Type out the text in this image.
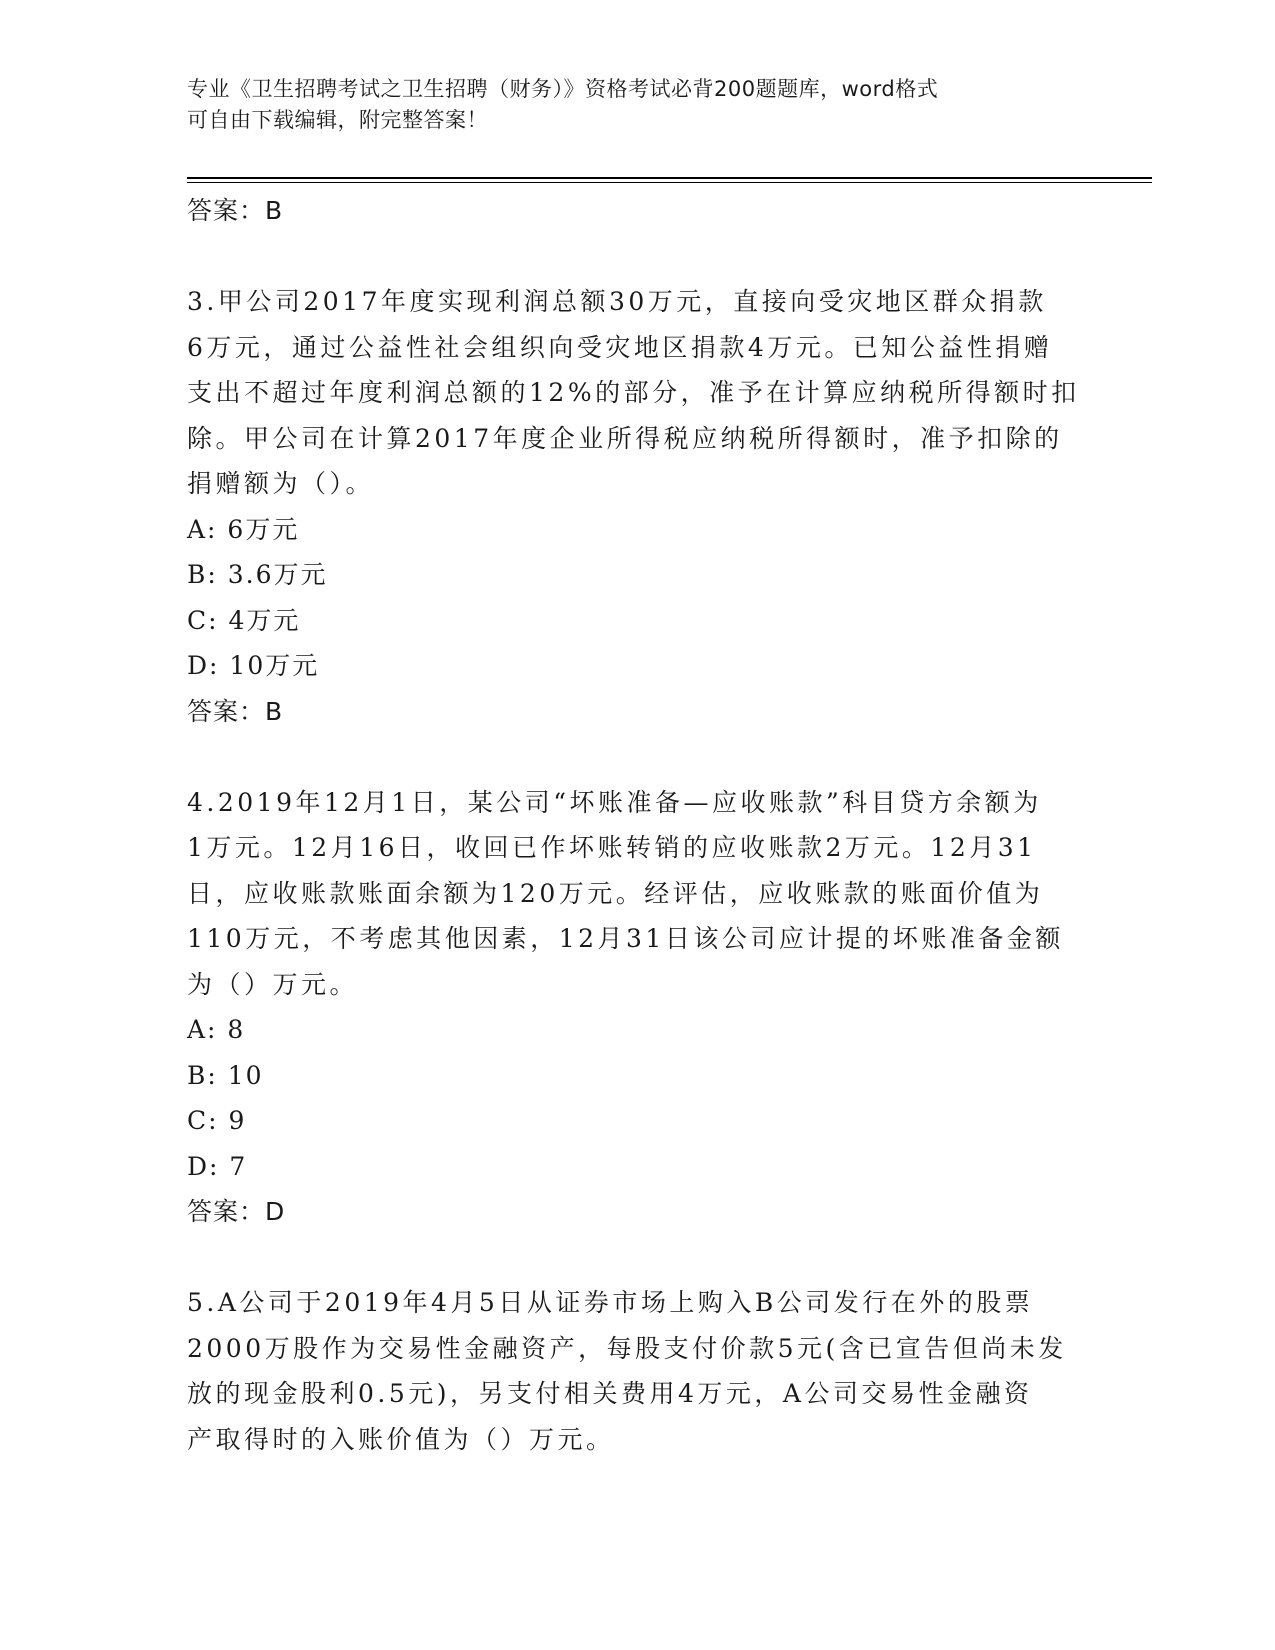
专业《卫生招聘考试之卫生招聘（财务）》资格考试必背200题题库，word格式
可自由下载编辑，附完整答案！

答案：B

3.甲公司2017年度实现利润总额30万元，直接向受灾地区群众捐款
6万元，通过公益性社会组织向受灾地区捐款4万元。已知公益性捐赠
支出不超过年度利润总额的12%的部分，准予在计算应纳税所得额时扣
除。甲公司在计算2017年度企业所得税应纳税所得额时，准予扣除的
捐赠额为（）。

A: 6万元

B: 3.6万元

C: 4万元

D: 10万元

答案：B

4.2019年12月1日，某公司“坏账准备—应收账款”科目贷方余额为
1万元。12月16日，收回已作坏账转销的应收账款2万元。12月31
日，应收账款账面余额为120万元。经评估，应收账款的账面价值为
110万元，不考虑其他因素，12月31日该公司应计提的坏账准备金额
为（）万元。

A: 8

B: 10

C: 9

D: 7

答案：D

5.A公司于2019年4月5日从证券市场上购入B公司发行在外的股票
2000万股作为交易性金融资产，每股支付价款5元(含已宣告但尚未发
放的现金股利0.5元)，另支付相关费用4万元，A公司交易性金融资
产取得时的入账价值为（）万元。
